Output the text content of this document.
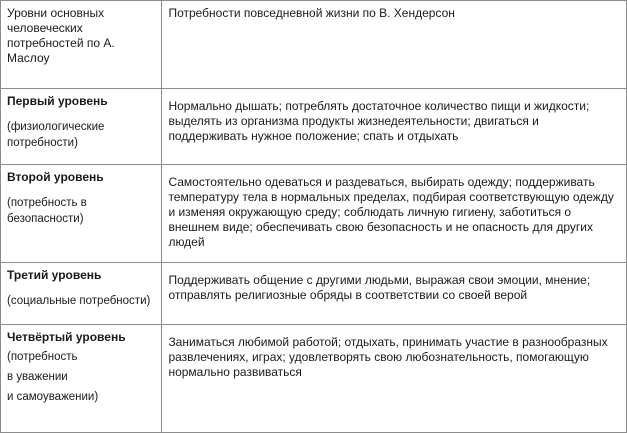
Уровни основных человеческих потребностей по А. Маслоу	Потребности повседневной жизни по В. Хендерсон

Первый уровень
(физиологические потребности)	Нормально дышать; потреблять достаточное количество пищи и жидкости; выделять из организма продукты жизнедеятельности; двигаться и поддерживать нужное положение; спать и отдыхать

Второй уровень
(потребность в безопасности)	Самостоятельно одеваться и раздеваться, выбирать одежду; поддерживать температуру тела в нормальных пределах, подбирая соответствующую одежду и изменяя окружающую среду; соблюдать личную гигиену, заботиться о внешнем виде; обеспечивать свою безопасность и не опасность для других людей

Третий уровень
(социальные потребности)	Поддерживать общение с другими людьми, выражая свои эмоции, мнение; отправлять религиозные обряды в соответствии со своей верой

Четвёртый уровень
(потребность
в уважении
и самоуважении)	Заниматься любимой работой; отдыхать, принимать участие в разнообразных развлечениях, играх; удовлетворять свою любознательность, помогающую нормально развиваться
